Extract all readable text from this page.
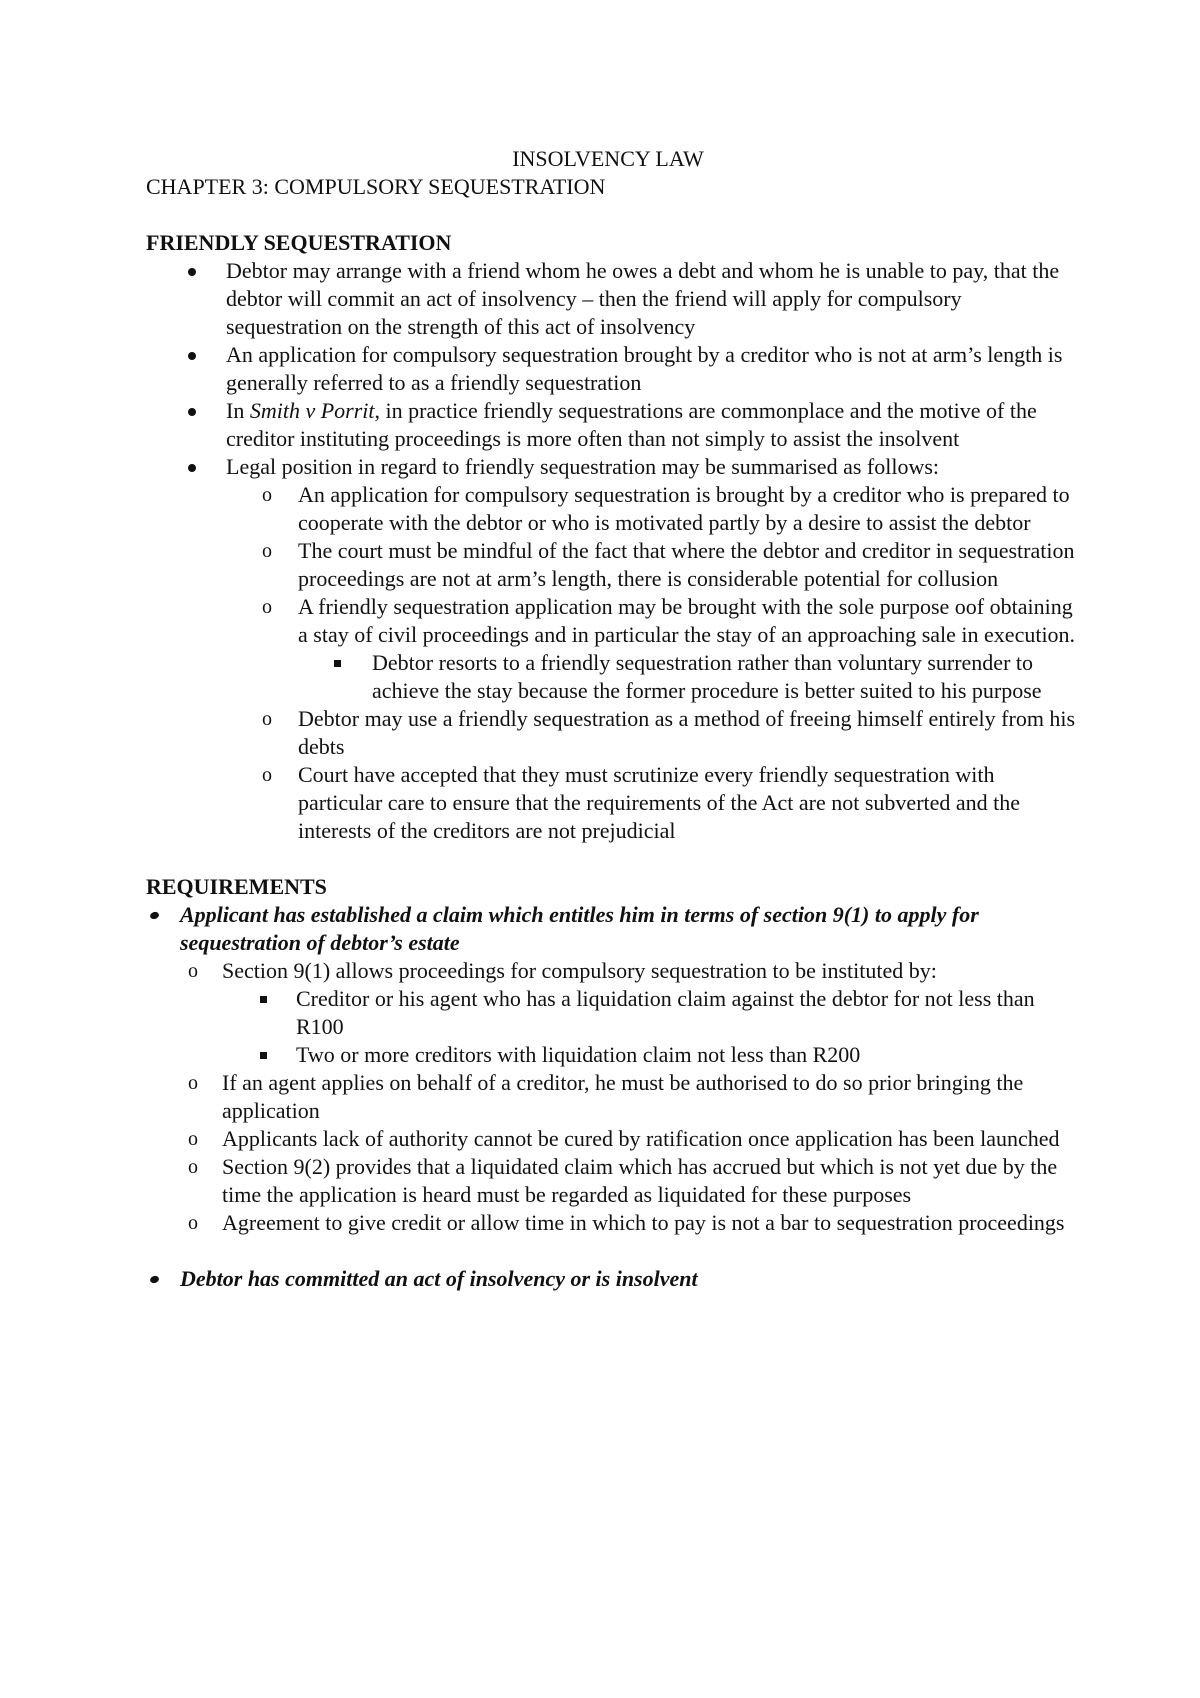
INSOLVENCY LAW

CHAPTER 3: COMPULSORY SEQUESTRATION

FRIENDLY SEQUESTRATION

Debtor may arrange with a friend whom he owes a debt and whom he is unable to pay, that the debtor will commit an act of insolvency – then the friend will apply for compulsory sequestration on the strength of this act of insolvency
An application for compulsory sequestration brought by a creditor who is not at arm’s length is generally referred to as a friendly sequestration
In Smith v Porrit, in practice friendly sequestrations are commonplace and the motive of the creditor instituting proceedings is more often than not simply to assist the insolvent
Legal position in regard to friendly sequestration may be summarised as follows:
o An application for compulsory sequestration is brought by a creditor who is prepared to cooperate with the debtor or who is motivated partly by a desire to assist the debtor
o The court must be mindful of the fact that where the debtor and creditor in sequestration proceedings are not at arm’s length, there is considerable potential for collusion
o A friendly sequestration application may be brought with the sole purpose oof obtaining a stay of civil proceedings and in particular the stay of an approaching sale in execution.
Debtor resorts to a friendly sequestration rather than voluntary surrender to achieve the stay because the former procedure is better suited to his purpose
o Debtor may use a friendly sequestration as a method of freeing himself entirely from his debts
o Court have accepted that they must scrutinize every friendly sequestration with particular care to ensure that the requirements of the Act are not subverted and the interests of the creditors are not prejudicial

REQUIREMENTS

Applicant has established a claim which entitles him in terms of section 9(1) to apply for sequestration of debtor’s estate
o Section 9(1) allows proceedings for compulsory sequestration to be instituted by:
Creditor or his agent who has a liquidation claim against the debtor for not less than R100
Two or more creditors with liquidation claim not less than R200
o If an agent applies on behalf of a creditor, he must be authorised to do so prior bringing the application
o Applicants lack of authority cannot be cured by ratification once application has been launched
o Section 9(2) provides that a liquidated claim which has accrued but which is not yet due by the time the application is heard must be regarded as liquidated for these purposes
o Agreement to give credit or allow time in which to pay is not a bar to sequestration proceedings
Debtor has committed an act of insolvency or is insolvent
